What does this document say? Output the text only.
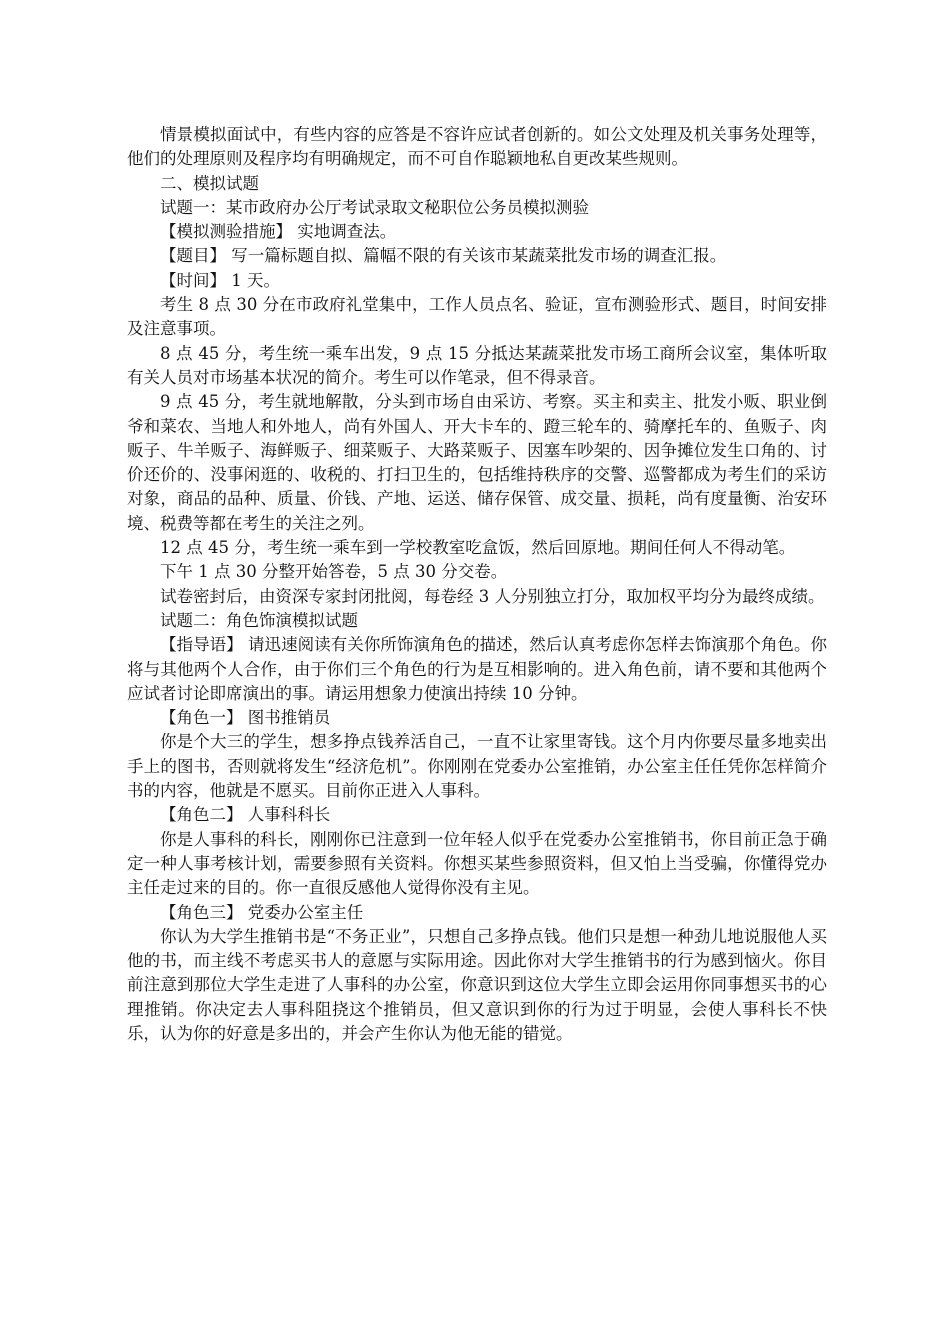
情景模拟面试中，有些内容的应答是不容许应试者创新的。如公文处理及机关事务处理等，他们的处理原则及程序均有明确规定，而不可自作聪颖地私自更改某些规则。

二、模拟试题

试题一：某市政府办公厅考试录取文秘职位公务员模拟测验

【模拟测验措施】 实地调查法。

【题目】 写一篇标题自拟、篇幅不限的有关该市某蔬菜批发市场的调查汇报。

【时间】 1 天。

考生 8 点 30 分在市政府礼堂集中，工作人员点名、验证，宣布测验形式、题目，时间安排及注意事项。

8 点 45 分，考生统一乘车出发，9 点 15 分抵达某蔬菜批发市场工商所会议室，集体听取有关人员对市场基本状况的简介。考生可以作笔录，但不得录音。

9 点 45 分，考生就地解散，分头到市场自由采访、考察。买主和卖主、批发小贩、职业倒爷和菜农、当地人和外地人，尚有外国人、开大卡车的、蹬三轮车的、骑摩托车的、鱼贩子、肉贩子、牛羊贩子、海鲜贩子、细菜贩子、大路菜贩子、因塞车吵架的、因争摊位发生口角的、讨价还价的、没事闲逛的、收税的、打扫卫生的，包括维持秩序的交警、巡警都成为考生们的采访对象，商品的品种、质量、价钱、产地、运送、储存保管、成交量、损耗，尚有度量衡、治安环境、税费等都在考生的关注之列。

12 点 45 分，考生统一乘车到一学校教室吃盒饭，然后回原地。期间任何人不得动笔。

下午 1 点 30 分整开始答卷，5 点 30 分交卷。

试卷密封后，由资深专家封闭批阅，每卷经 3 人分别独立打分，取加权平均分为最终成绩。

试题二：角色饰演模拟试题

【指导语】 请迅速阅读有关你所饰演角色的描述，然后认真考虑你怎样去饰演那个角色。你将与其他两个人合作，由于你们三个角色的行为是互相影响的。进入角色前，请不要和其他两个应试者讨论即席演出的事。请运用想象力使演出持续 10 分钟。

【角色一】 图书推销员

你是个大三的学生，想多挣点钱养活自己，一直不让家里寄钱。这个月内你要尽量多地卖出手上的图书，否则就将发生“经济危机”。你刚刚在党委办公室推销，办公室主任任凭你怎样简介书的内容，他就是不愿买。目前你正进入人事科。

【角色二】 人事科科长

你是人事科的科长，刚刚你已注意到一位年轻人似乎在党委办公室推销书，你目前正急于确定一种人事考核计划，需要参照有关资料。你想买某些参照资料，但又怕上当受骗，你懂得党办主任走过来的目的。你一直很反感他人觉得你没有主见。

【角色三】 党委办公室主任

你认为大学生推销书是“不务正业”，只想自己多挣点钱。他们只是想一种劲儿地说服他人买他的书，而主线不考虑买书人的意愿与实际用途。因此你对大学生推销书的行为感到恼火。你目前注意到那位大学生走进了人事科的办公室，你意识到这位大学生立即会运用你同事想买书的心理推销。你决定去人事科阻挠这个推销员，但又意识到你的行为过于明显，会使人事科长不快乐，认为你的好意是多出的，并会产生你认为他无能的错觉。
